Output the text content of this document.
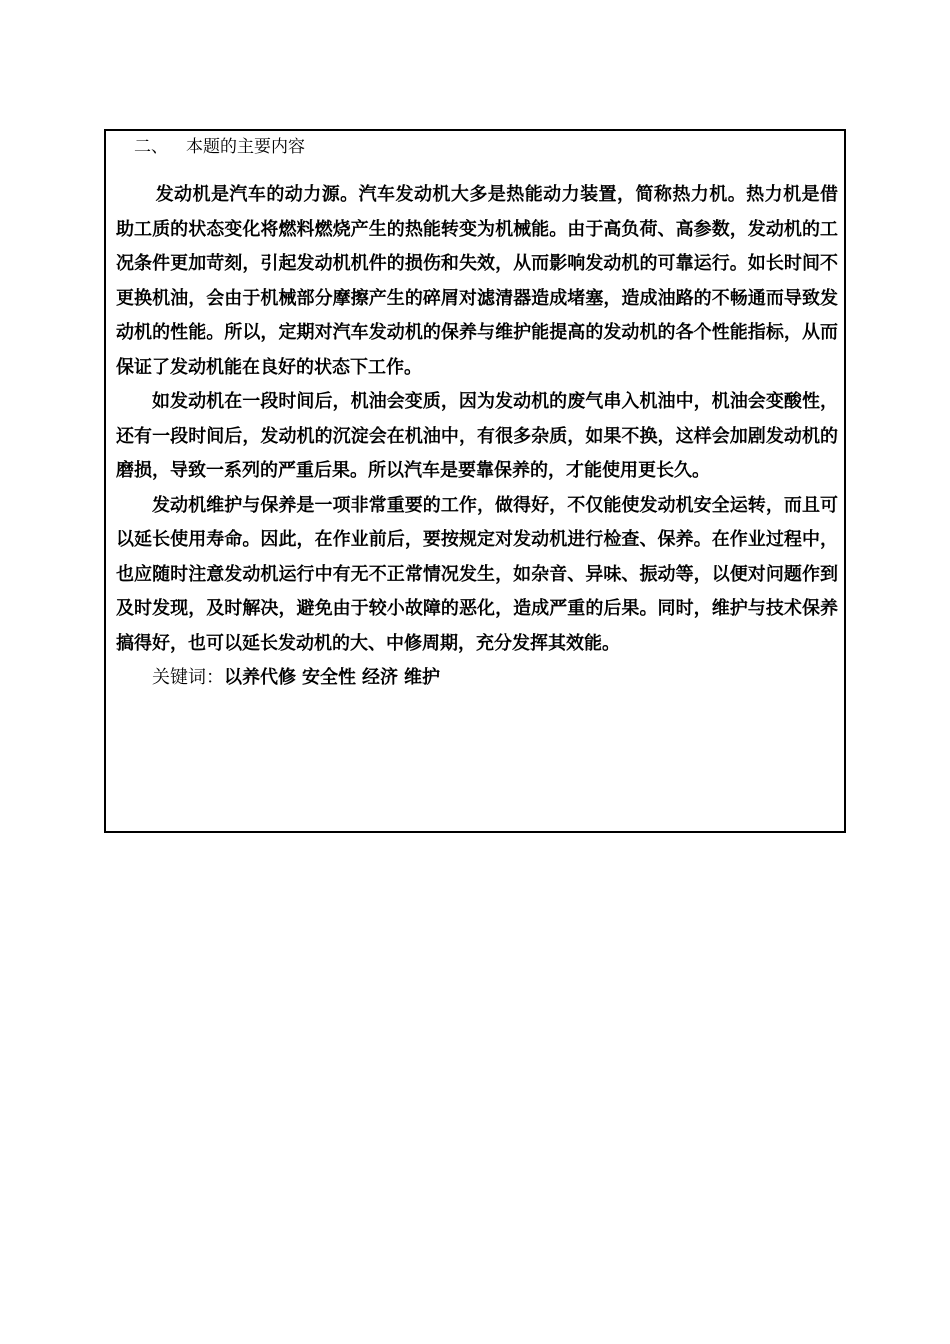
二、 本题的主要内容

发动机是汽车的动力源。汽车发动机大多是热能动力装置，简称热力机。热力机是借助工质的状态变化将燃料燃烧产生的热能转变为机械能。由于高负荷、高参数，发动机的工况条件更加苛刻，引起发动机机件的损伤和失效，从而影响发动机的可靠运行。如长时间不更换机油，会由于机械部分摩擦产生的碎屑对滤清器造成堵塞，造成油路的不畅通而导致发动机的性能。所以，定期对汽车发动机的保养与维护能提高的发动机的各个性能指标，从而保证了发动机能在良好的状态下工作。

如发动机在一段时间后，机油会变质，因为发动机的废气串入机油中，机油会变酸性，还有一段时间后，发动机的沉淀会在机油中，有很多杂质，如果不换，这样会加剧发动机的磨损，导致一系列的严重后果。所以汽车是要靠保养的，才能使用更长久。

发动机维护与保养是一项非常重要的工作，做得好，不仅能使发动机安全运转，而且可以延长使用寿命。因此，在作业前后，要按规定对发动机进行检查、保养。在作业过程中，也应随时注意发动机运行中有无不正常情况发生，如杂音、异味、振动等，以便对问题作到及时发现，及时解决，避免由于较小故障的恶化，造成严重的后果。同时，维护与技术保养搞得好，也可以延长发动机的大、中修周期，充分发挥其效能。

关键词：以养代修 安全性 经济 维护
